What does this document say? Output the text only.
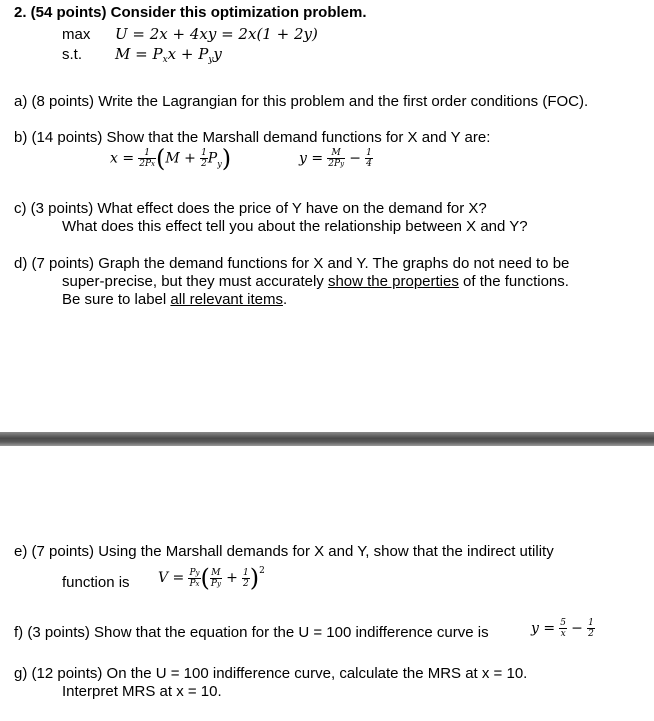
2. (54 points) Consider this optimization problem.
max U = 2x + 4xy = 2x(1 + 2y)
s.t. $M = P_xx + P_yy$
a) (8 points) Write the Lagrangian for this problem and the first order conditions (FOC).
b) (14 points) Show that the Marshall demand functions for X and Y are:
$x = \frac{1}{2Px} (M + \frac{1}{2} P_y)$	$y = \frac{M}{2Py} - \frac{1}{4}$
c) (3 points) What effect does the price of Y have on the demand for X?
What does this effect tell you about the relationship between X and Y?
d) (7 points) Graph the demand functions for X and Y. The graphs do not need to be
super-precise, but they must accurately show the properties of the functions.
Be sure to label all relevant items.
e) (7 points) Using the Marshall demands for X and Y, show that the indirect utility
function is $V = \frac{Py}{Px}$ ( $\frac{M}{Py} + \frac{1}{2} )^2$
f) (3 points) Show that the equation for the U = 100 indifference curve is	$y = \frac{5}{x} - \frac{1}{2}$
g) (12 points) On the U = 100 indifference curve, calculate the MRS at x = 10.
Interpret MRS at x = 10.
